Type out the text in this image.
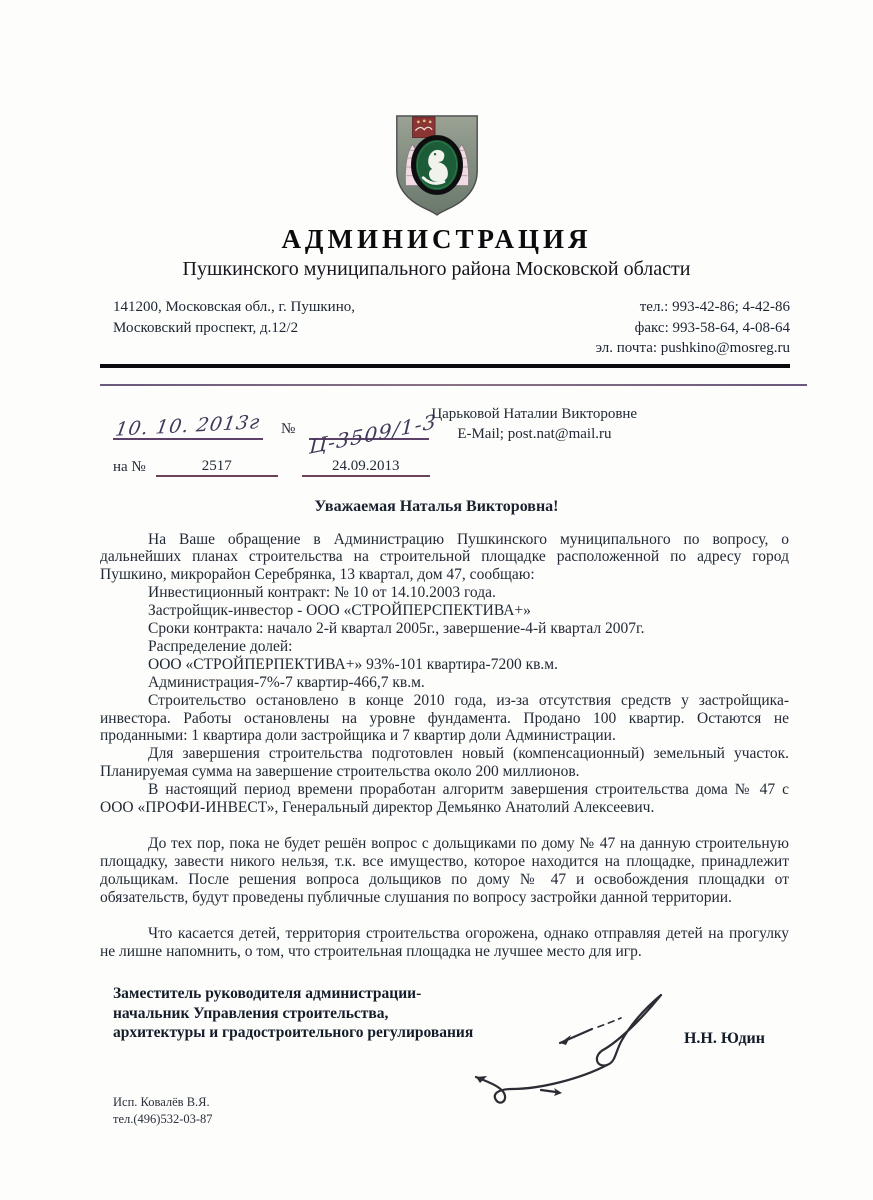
АДМИНИСТРАЦИЯ
Пушкинского муниципального района Московской области
141200, Московская обл., г. Пушкино,
Московский проспект, д.12/2
тел.: 993-42-86; 4-42-86
факс: 993-58-64, 4-08-64
эл. почта: pushkino@mosreg.ru
10. 10. 2013г № Ц-3509/1-3
Царьковой Наталии Викторовне
E-Mail; post.nat@mail.ru
на №	2517	24.09.2013
Уважаемая Наталья Викторовна!

На Ваше обращение в Администрацию Пушкинского муниципального по вопросу, о дальнейших планах строительства на строительной площадке расположенной по адресу город Пушкино, микрорайон Серебрянка, 13 квартал, дом 47, сообщаю:

Инвестиционный контракт: № 10 от 14.10.2003 года.

Застройщик-инвестор - ООО «СТРОЙПЕРСПЕКТИВА+»

Сроки контракта: начало 2-й квартал 2005г., завершение-4-й квартал 2007г.

Распределение долей:

ООО «СТРОЙПЕРПЕКТИВА+» 93%-101 квартира-7200 кв.м.

Администрация-7%-7 квартир-466,7 кв.м.

Строительство остановлено в конце 2010 года, из-за отсутствия средств у застройщика-инвестора. Работы остановлены на уровне фундамента. Продано 100 квартир. Остаются не проданными: 1 квартира доли застройщика и 7 квартир доли Администрации.

Для завершения строительства подготовлен новый (компенсационный) земельный участок. Планируемая сумма на завершение строительства около 200 миллионов.

В настоящий период времени проработан алгоритм завершения строительства дома № 47 с ООО «ПРОФИ-ИНВЕСТ», Генеральный директор Демьянко Анатолий Алексеевич.

До тех пор, пока не будет решён вопрос с дольщиками по дому № 47 на данную строительную площадку, завести никого нельзя, т.к. все имущество, которое находится на площадке, принадлежит дольщикам. После решения вопроса дольщиков по дому № 47 и освобождения площадки от обязательств, будут проведены публичные слушания по вопросу застройки данной территории.

Что касается детей, территория строительства огорожена, однако отправляя детей на прогулку не лишне напомнить, о том, что строительная площадка не лучшее место для игр.

Заместитель руководителя администрации-
начальник Управления строительства,
архитектуры и градостроительного регулирования	Н.Н. Юдин
Исп. Ковалёв В.Я.
тел.(496)532-03-87
